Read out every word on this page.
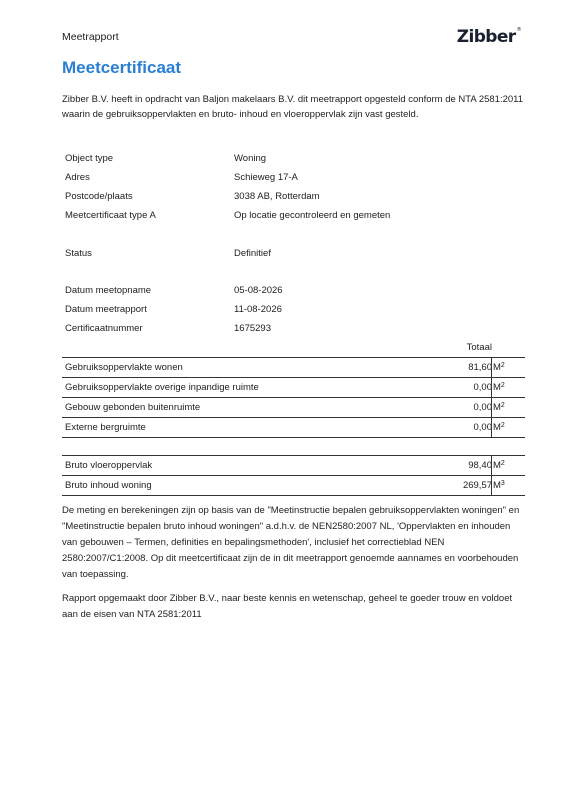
Meetrapport	Zibber®
Meetcertificaat

Zibber B.V. heeft in opdracht van Baljon makelaars B.V. dit meetrapport opgesteld conform de NTA 2581:2011 waarin de gebruiksoppervlakten en bruto- inhoud en vloeroppervlak zijn vast gesteld.

Object type	Woning
Adres	Schieweg 17-A
Postcode/plaats	3038 AB, Rotterdam
Meetcertificaat type A	Op locatie gecontroleerd en gemeten
Status	Definitief
Datum meetopname	05-08-2026
Datum meetrapport	11-08-2026
Certificaatnummer	1675293
Totaal
Gebruiksoppervlakte wonen	81,60 $M^2$
Gebruiksoppervlakte overige inpandige ruimte	0,00 $M^2$
Gebouw gebonden buitenruimte	0,00 $M^2$
Externe bergruimte	0,00 $M^2$
Bruto vloeroppervlak	98,40 $M^2$
Bruto inhoud woning	269,57 $M^3$

De meting en berekeningen zijn op basis van de "Meetinstructie bepalen gebruiksoppervlakten woningen" en "Meetinstructie bepalen bruto inhoud woningen" a.d.h.v. de NEN2580:2007 NL, 'Oppervlakten en inhouden van gebouwen – Termen, definities en bepalingsmethoden', inclusief het correctieblad NEN 2580:2007/C1:2008. Op dit meetcertificaat zijn de in dit meetrapport genoemde aannames en voorbehouden van toepassing.

Rapport opgemaakt door Zibber B.V., naar beste kennis en wetenschap, geheel te goeder trouw en voldoet aan de eisen van NTA 2581:2011
